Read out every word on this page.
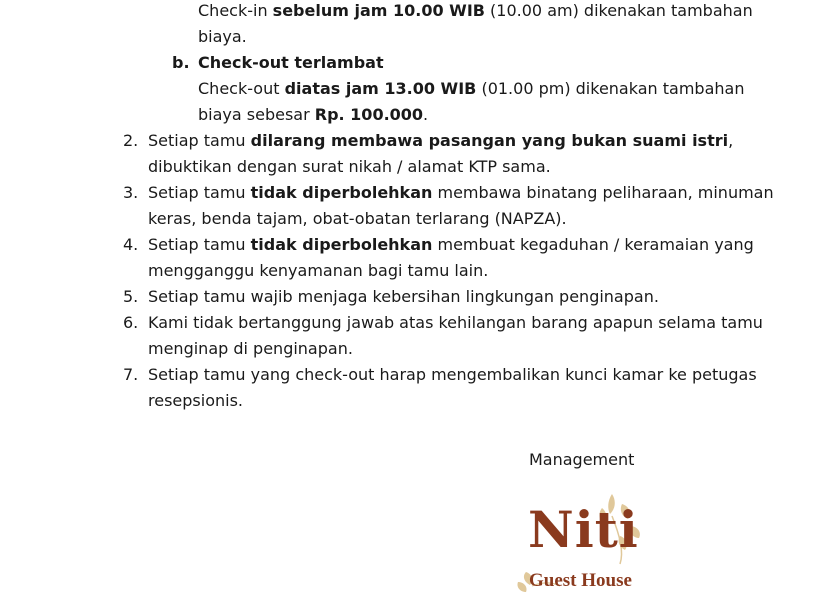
Check-in sebelum jam 10.00 WIB (10.00 am) dikenakan tambahan
biaya.
b. Check-out terlambat
Check-out diatas jam 13.00 WIB (01.00 pm) dikenakan tambahan
biaya sebesar Rp. 100.000.
2. Setiap tamu dilarang membawa pasangan yang bukan suami istri,
dibuktikan dengan surat nikah / alamat KTP sama.
3. Setiap tamu tidak diperbolehkan membawa binatang peliharaan, minuman
keras, benda tajam, obat-obatan terlarang (NAPZA).
4. Setiap tamu tidak diperbolehkan membuat kegaduhan / keramaian yang
mengganggu kenyamanan bagi tamu lain.
5. Setiap tamu wajib menjaga kebersihan lingkungan penginapan.
6. Kami tidak bertanggung jawab atas kehilangan barang apapun selama tamu
menginap di penginapan.
7. Setiap tamu yang check-out harap mengembalikan kunci kamar ke petugas
resepsionis.
Management
Niti
Guest House
